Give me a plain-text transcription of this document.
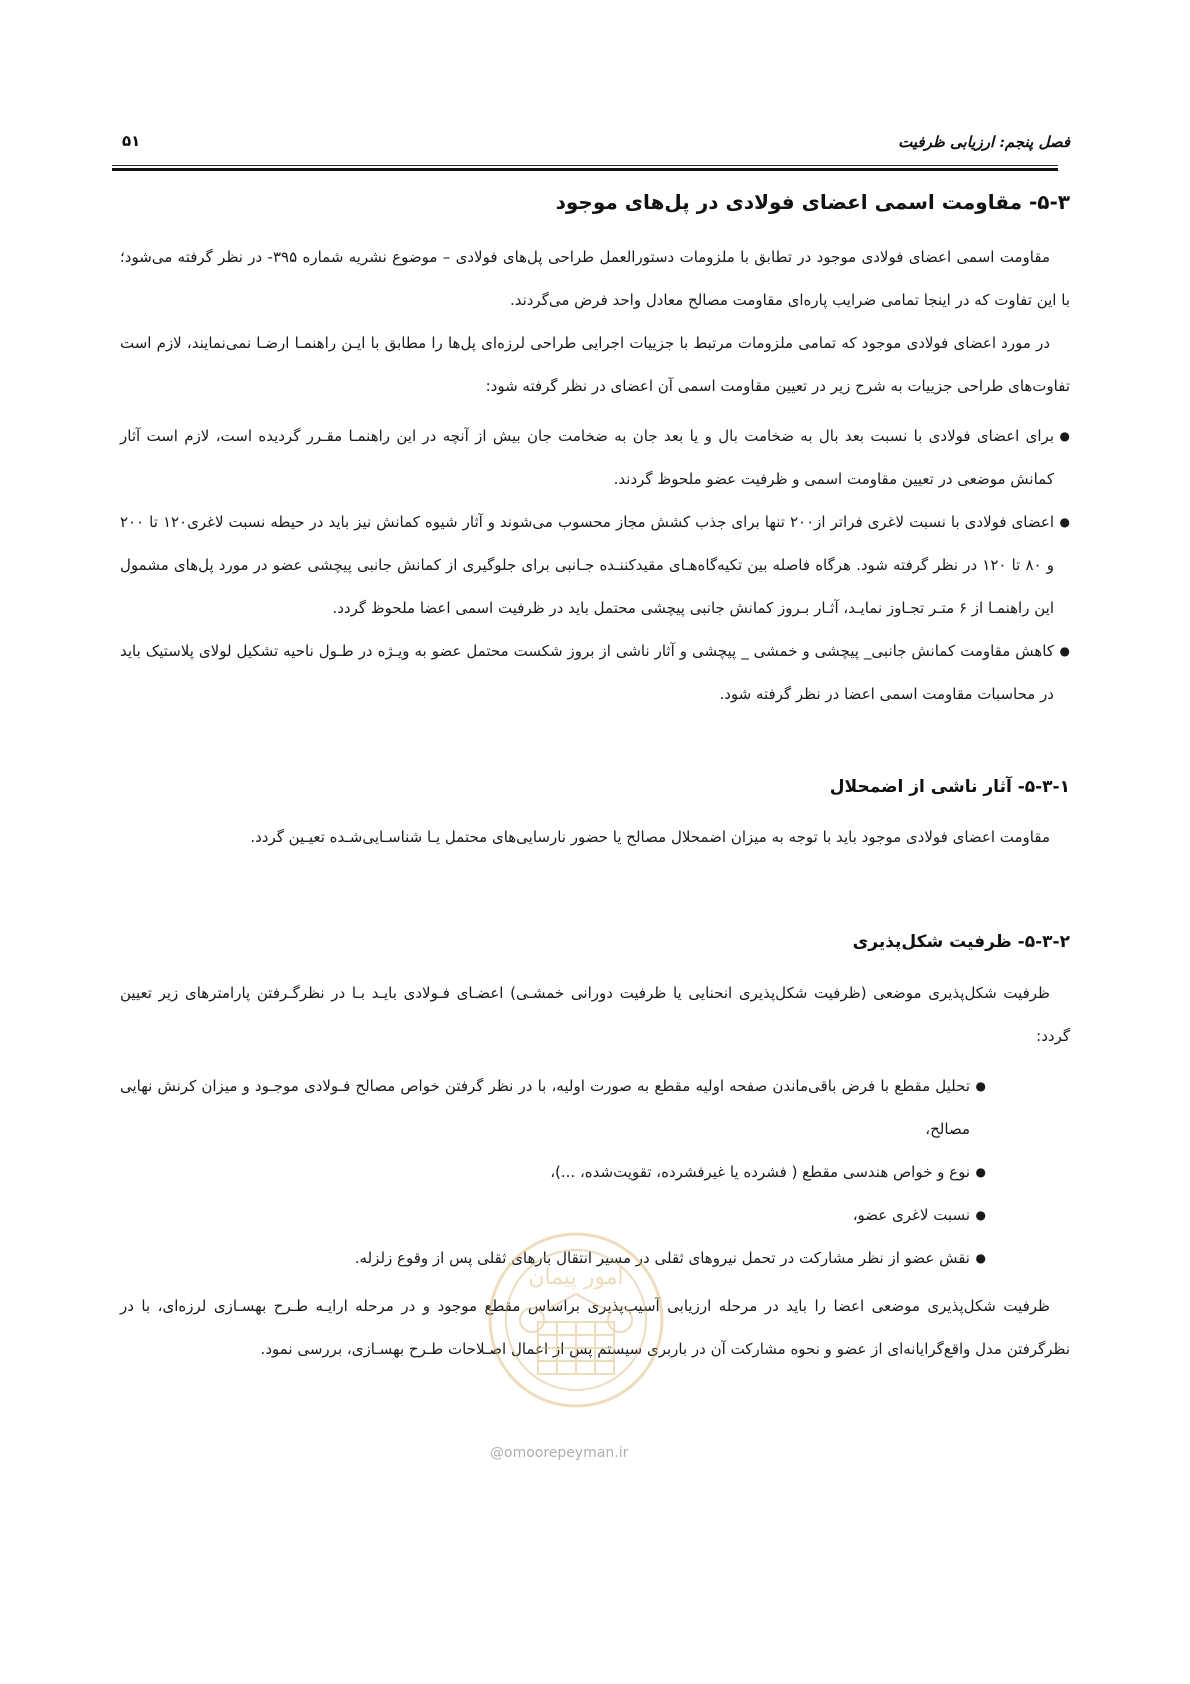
فصل پنجم: ارزیابی ظرفیت
۵۱
۵-۳- مقاومت اسمی اعضای فولادی در پل‌های موجود

مقاومت اسمی اعضای فولادی موجود در تطابق با ملزومات دستورالعمل طراحی پل‌های فولادی – موضوع نشریه شماره ۳۹۵- در نظر گرفته می‌شود؛ با این تفاوت که در اینجا تمامی ضرایب پاره‌ای مقاومت مصالح معادل واحد فرض می‌گردند.

در مورد اعضای فولادی موجود که تمامی ملزومات مرتبط با جزییات اجرایی طراحی لرزه‌ای پل‌ها را مطابق با ایـن راهنمـا ارضـا نمی‌نمایند، لازم است تفاوت‌های طراحی جزییات به شرح زیر در تعیین مقاومت اسمی آن اعضای در نظر گرفته شود:

●
برای اعضای فولادی با نسبت بعد بال به ضخامت بال و یا بعد جان به ضخامت جان بیش از آنچه در این راهنمـا مقـرر گردیده است، لازم است آثار کمانش موضعی در تعیین مقاومت اسمی و ظرفیت عضو ملحوظ گردند.
●
اعضای فولادی با نسبت لاغری فراتر از۲۰۰ تنها برای جذب کشش مجاز محسوب می‌شوند و آثار شیوه کمانش نیز باید در حیطه نسبت لاغری۱۲۰ تا ۲۰۰ و ۸۰ تا ۱۲۰ در نظر گرفته شود. هرگاه فاصله بین تکیه‌گاه‌هـای مقیدکننـده جـانبی برای جلوگیری از کمانش جانبی پیچشی عضو در مورد پل‌های مشمول این راهنمـا از ۶ متـر تجـاوز نمایـد، آثـار بـروز کمانش جانبی پیچشی محتمل باید در ظرفیت اسمی اعضا ملحوظ گردد.
●
کاهش مقاومت کمانش جانبی_ پیچشی و خمشی _ پیچشی و آثار ناشی از بروز شکست محتمل عضو به ویـژه در طـول ناحیه تشکیل لولای پلاستیک باید در محاسبات مقاومت اسمی اعضا در نظر گرفته شود.
۵-۳-۱- آثار ناشی از اضمحلال

مقاومت اعضای فولادی موجود باید با توجه به میزان اضمحلال مصالح یا حضور نارسایی‌های محتمل یـا شناسـایی‌شـده تعیـین گردد.

۵-۳-۲- ظرفیت شکل‌پذیری

ظرفیت شکل‌پذیری موضعی (ظرفیت شکل‌پذیری انحنایی یا ظرفیت دورانی خمشـی) اعضـای فـولادی بایـد بـا در نظرگـرفتن پارامترهای زیر تعیین گردد:

●
تحلیل مقطع با فرض باقی‌ماندن صفحه اولیه مقطع به صورت اولیه، با در نظر گرفتن خواص مصالح فـولادی موجـود و میزان کرنش نهایی مصالح،
●
نوع و خواص هندسی مقطع ( فشرده یا غیرفشرده، تقویت‌شده، ...)،
●
نسبت لاغری عضو،
●
نقش عضو از نظر مشارکت در تحمل نیروهای ثقلی در مسیر انتقال بارهای ثقلی پس از وقوع زلزله.

ظرفیت شکل‌پذیری موضعی اعضا را باید در مرحله ارزیابی آسیب‌پذیری براساس مقطع موجود و در مرحله ارایـه طـرح بهسـازی لرزه‌ای، با در نظرگرفتن مدل واقع‌گرایانه‌ای از عضو و نحوه مشارکت آن در باربری سیستم پس از اعمال اصـلاحات طـرح بهسـازی، بررسی نمود.

امور پیمان
@omoorepeyman.ir
